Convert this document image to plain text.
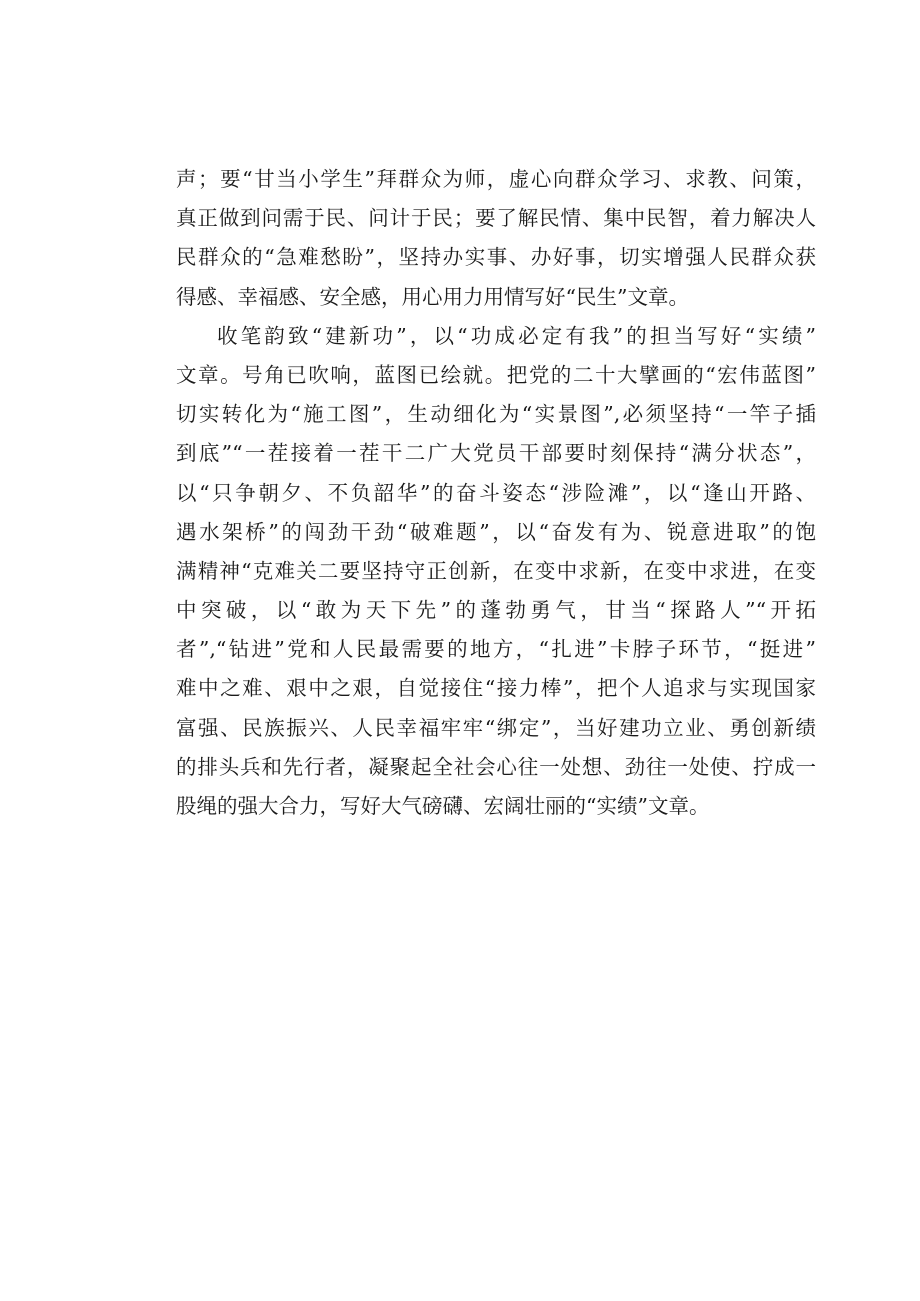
声；要“甘当小学生”拜群众为师，虚心向群众学习、求教、问策，
真正做到问需于民、问计于民；要了解民情、集中民智，着力解决人
民群众的“急难愁盼”，坚持办实事、办好事，切实增强人民群众获
得感、幸福感、安全感，用心用力用情写好“民生”文章。
收笔韵致“建新功”，以“功成必定有我”的担当写好“实绩”
文章。号角已吹响，蓝图已绘就。把党的二十大擘画的“宏伟蓝图”
切实转化为“施工图”，生动细化为“实景图”,必须坚持“一竿子插
到底”“一茬接着一茬干二广大党员干部要时刻保持“满分状态”，
以“只争朝夕、不负韶华”的奋斗姿态“涉险滩”，以“逢山开路、
遇水架桥”的闯劲干劲“破难题”，以“奋发有为、锐意进取”的饱
满精神“克难关二要坚持守正创新，在变中求新，在变中求进，在变
中突破，以“敢为天下先”的蓬勃勇气，甘当“探路人”“开拓
者”,“钻进”党和人民最需要的地方，“扎进”卡脖子环节，“挺进”
难中之难、艰中之艰，自觉接住“接力棒”，把个人追求与实现国家
富强、民族振兴、人民幸福牢牢“绑定”，当好建功立业、勇创新绩
的排头兵和先行者，凝聚起全社会心往一处想、劲往一处使、拧成一
股绳的强大合力，写好大气磅礴、宏阔壮丽的“实绩”文章。
